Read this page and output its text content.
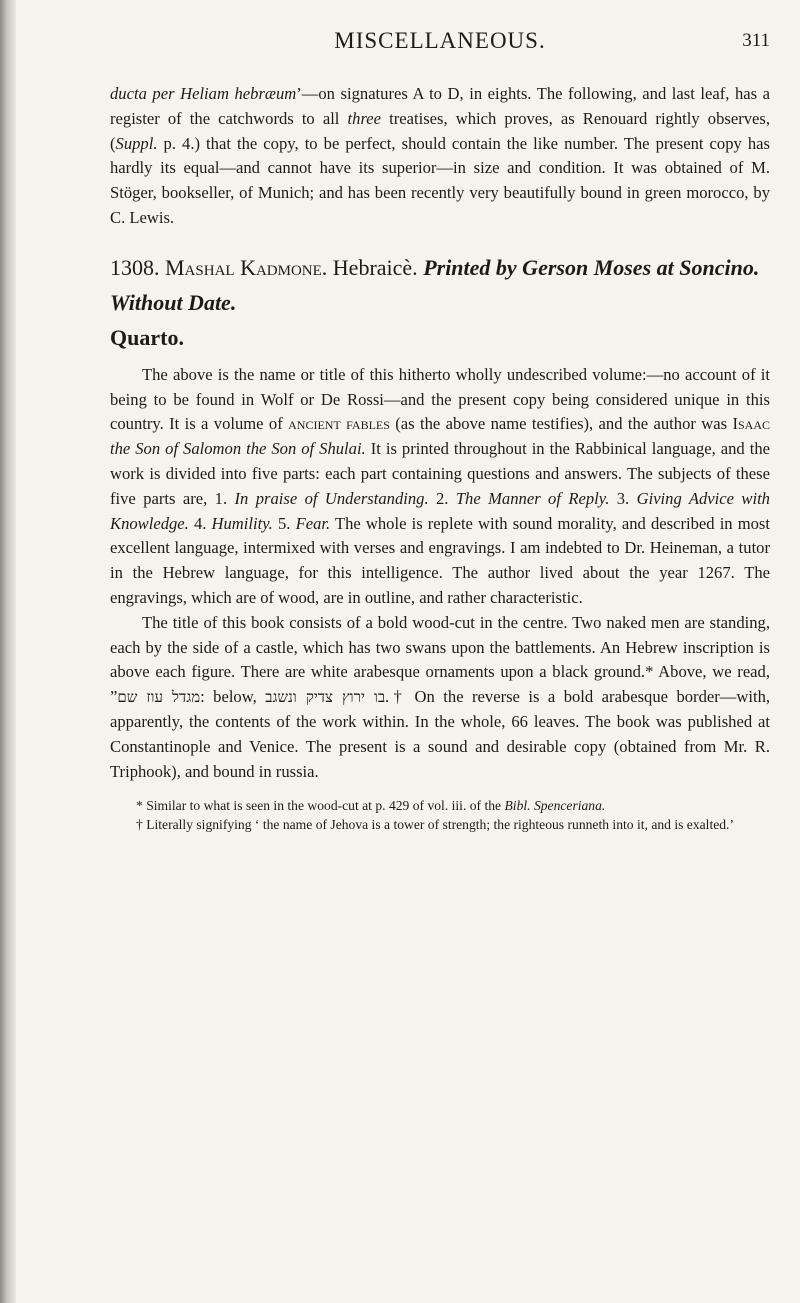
MISCELLANEOUS.	311

ducta per Heliam hebræum’—on signatures A to D, in eights. The following, and last leaf, has a register of the catchwords to all three treatises, which proves, as Renouard rightly observes, (Suppl. p. 4.) that the copy, to be perfect, should contain the like number. The present copy has hardly its equal—and cannot have its superior—in size and condition. It was obtained of M. Stöger, bookseller, of Munich; and has been recently very beautifully bound in green morocco, by C. Lewis.

1308. Mashal Kadmone. Hebraicè. Printed by Gerson Moses at Soncino. Without Date.
Quarto.

The above is the name or title of this hitherto wholly undescribed volume:—no account of it being to be found in Wolf or De Rossi—and the present copy being considered unique in this country. It is a volume of ancient fables (as the above name testifies), and the author was Isaac the Son of Salomon the Son of Shulai. It is printed throughout in the Rabbinical language, and the work is divided into five parts: each part containing questions and answers. The subjects of these five parts are, 1. In praise of Understanding. 2. The Manner of Reply. 3. Giving Advice with Knowledge. 4. Humility. 5. Fear. The whole is replete with sound morality, and described in most excellent language, intermixed with verses and engravings. I am indebted to Dr. Heineman, a tutor in the Hebrew language, for this intelligence. The author lived about the year 1267. The engravings, which are of wood, are in outline, and rather characteristic.

The title of this book consists of a bold wood-cut in the centre. Two naked men are standing, each by the side of a castle, which has two swans upon the battlements. An Hebrew inscription is above each figure. There are white arabesque ornaments upon a black ground.* Above, we read, ”מגדל עוז שם: below, בו ירוץ צדיק ונשגב.† On the reverse is a bold arabesque border—with, apparently, the contents of the work within. In the whole, 66 leaves. The book was published at Constantinople and Venice. The present is a sound and desirable copy (obtained from Mr. R. Triphook), and bound in russia.

* Similar to what is seen in the wood-cut at p. 429 of vol. iii. of the Bibl. Spenceriana.

† Literally signifying ‘ the name of Jehova is a tower of strength; the righteous runneth into it, and is exalted.’
